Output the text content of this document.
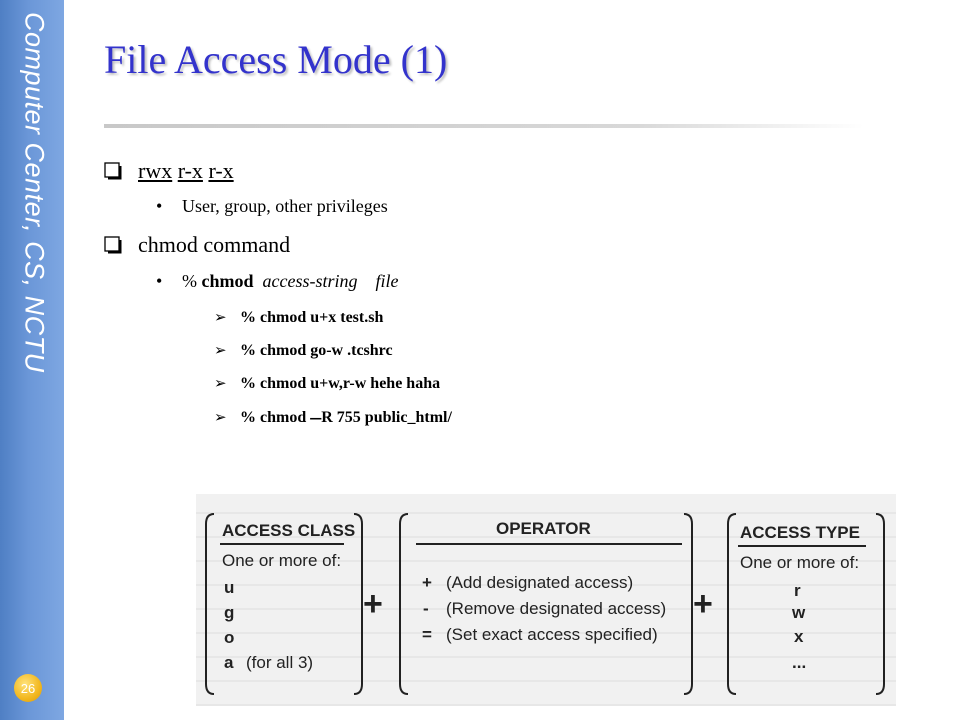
Computer Center, CS, NCTU
26
File Access Mode (1)
rwx r-x r-x
• User, group, other privileges
chmod command
• % chmod access-string file
➢ % chmod u+x test.sh
➢ % chmod go-w .tcshrc
➢ % chmod u+w,r-w hehe haha
➢ % chmod –R 755 public_html/
ACCESS CLASS
One or more of:
u
g
o
a (for all 3)
+
OPERATOR
+ (Add designated access)
- (Remove designated access)
= (Set exact access specified)
+
ACCESS TYPE
One or more of:
r
w
x
...
